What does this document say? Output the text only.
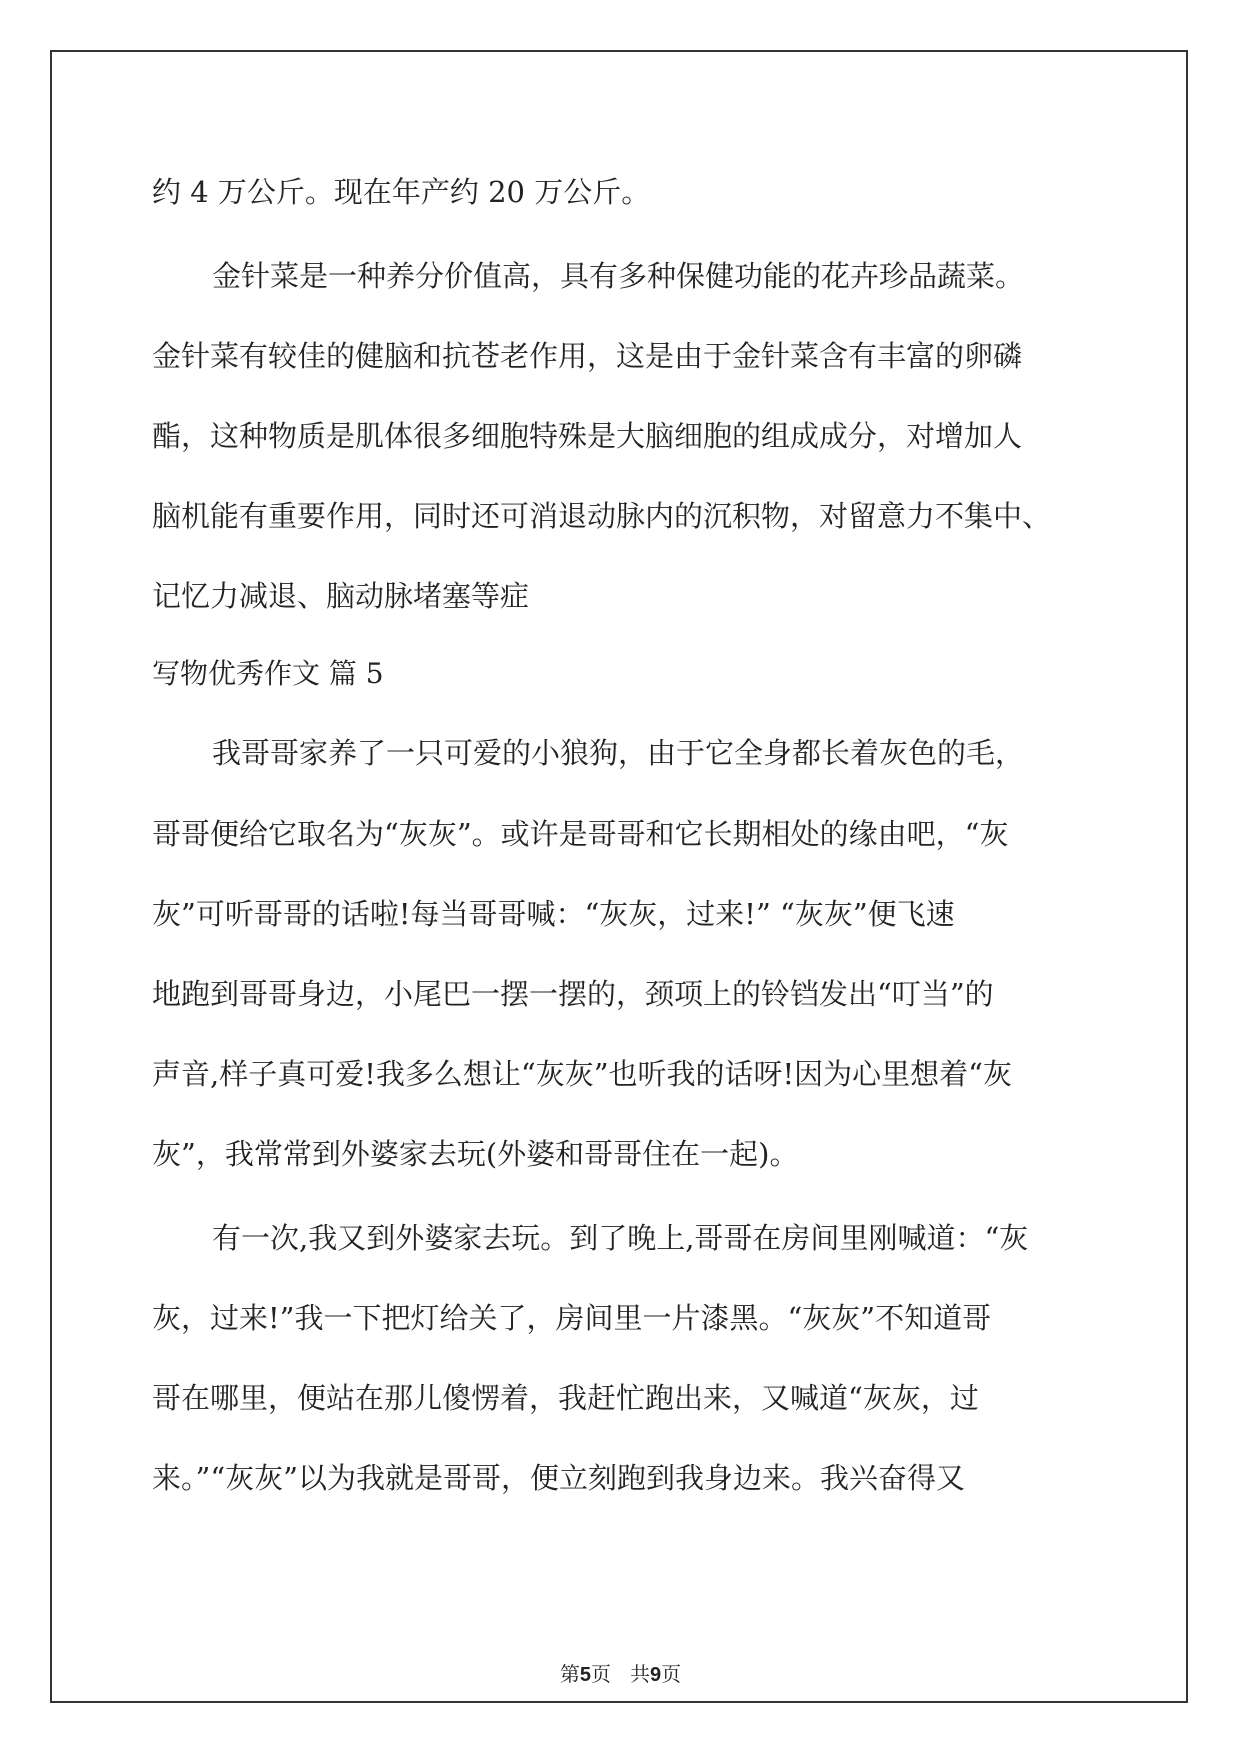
约 4 万公斤。现在年产约 20 万公斤。

金针菜是一种养分价值高，具有多种保健功能的花卉珍品蔬菜。

金针菜有较佳的健脑和抗苍老作用，这是由于金针菜含有丰富的卵磷

酯，这种物质是肌体很多细胞特殊是大脑细胞的组成成分，对增加人

脑机能有重要作用，同时还可消退动脉内的沉积物，对留意力不集中、

记忆力减退、脑动脉堵塞等症

写物优秀作文 篇 5

我哥哥家养了一只可爱的小狼狗，由于它全身都长着灰色的毛，

哥哥便给它取名为“灰灰”。或许是哥哥和它长期相处的缘由吧，“灰

灰”可听哥哥的话啦!每当哥哥喊：“灰灰，过来!” “灰灰”便飞速

地跑到哥哥身边，小尾巴一摆一摆的，颈项上的铃铛发出“叮当”的

声音,样子真可爱!我多么想让“灰灰”也听我的话呀!因为心里想着“灰

灰”，我常常到外婆家去玩(外婆和哥哥住在一起)。

有一次,我又到外婆家去玩。到了晚上,哥哥在房间里刚喊道：“灰

灰，过来!”我一下把灯给关了，房间里一片漆黑。“灰灰”不知道哥

哥在哪里，便站在那儿傻愣着，我赶忙跑出来，又喊道“灰灰，过

来。”“灰灰”以为我就是哥哥，便立刻跑到我身边来。我兴奋得又

第5页 共9页
